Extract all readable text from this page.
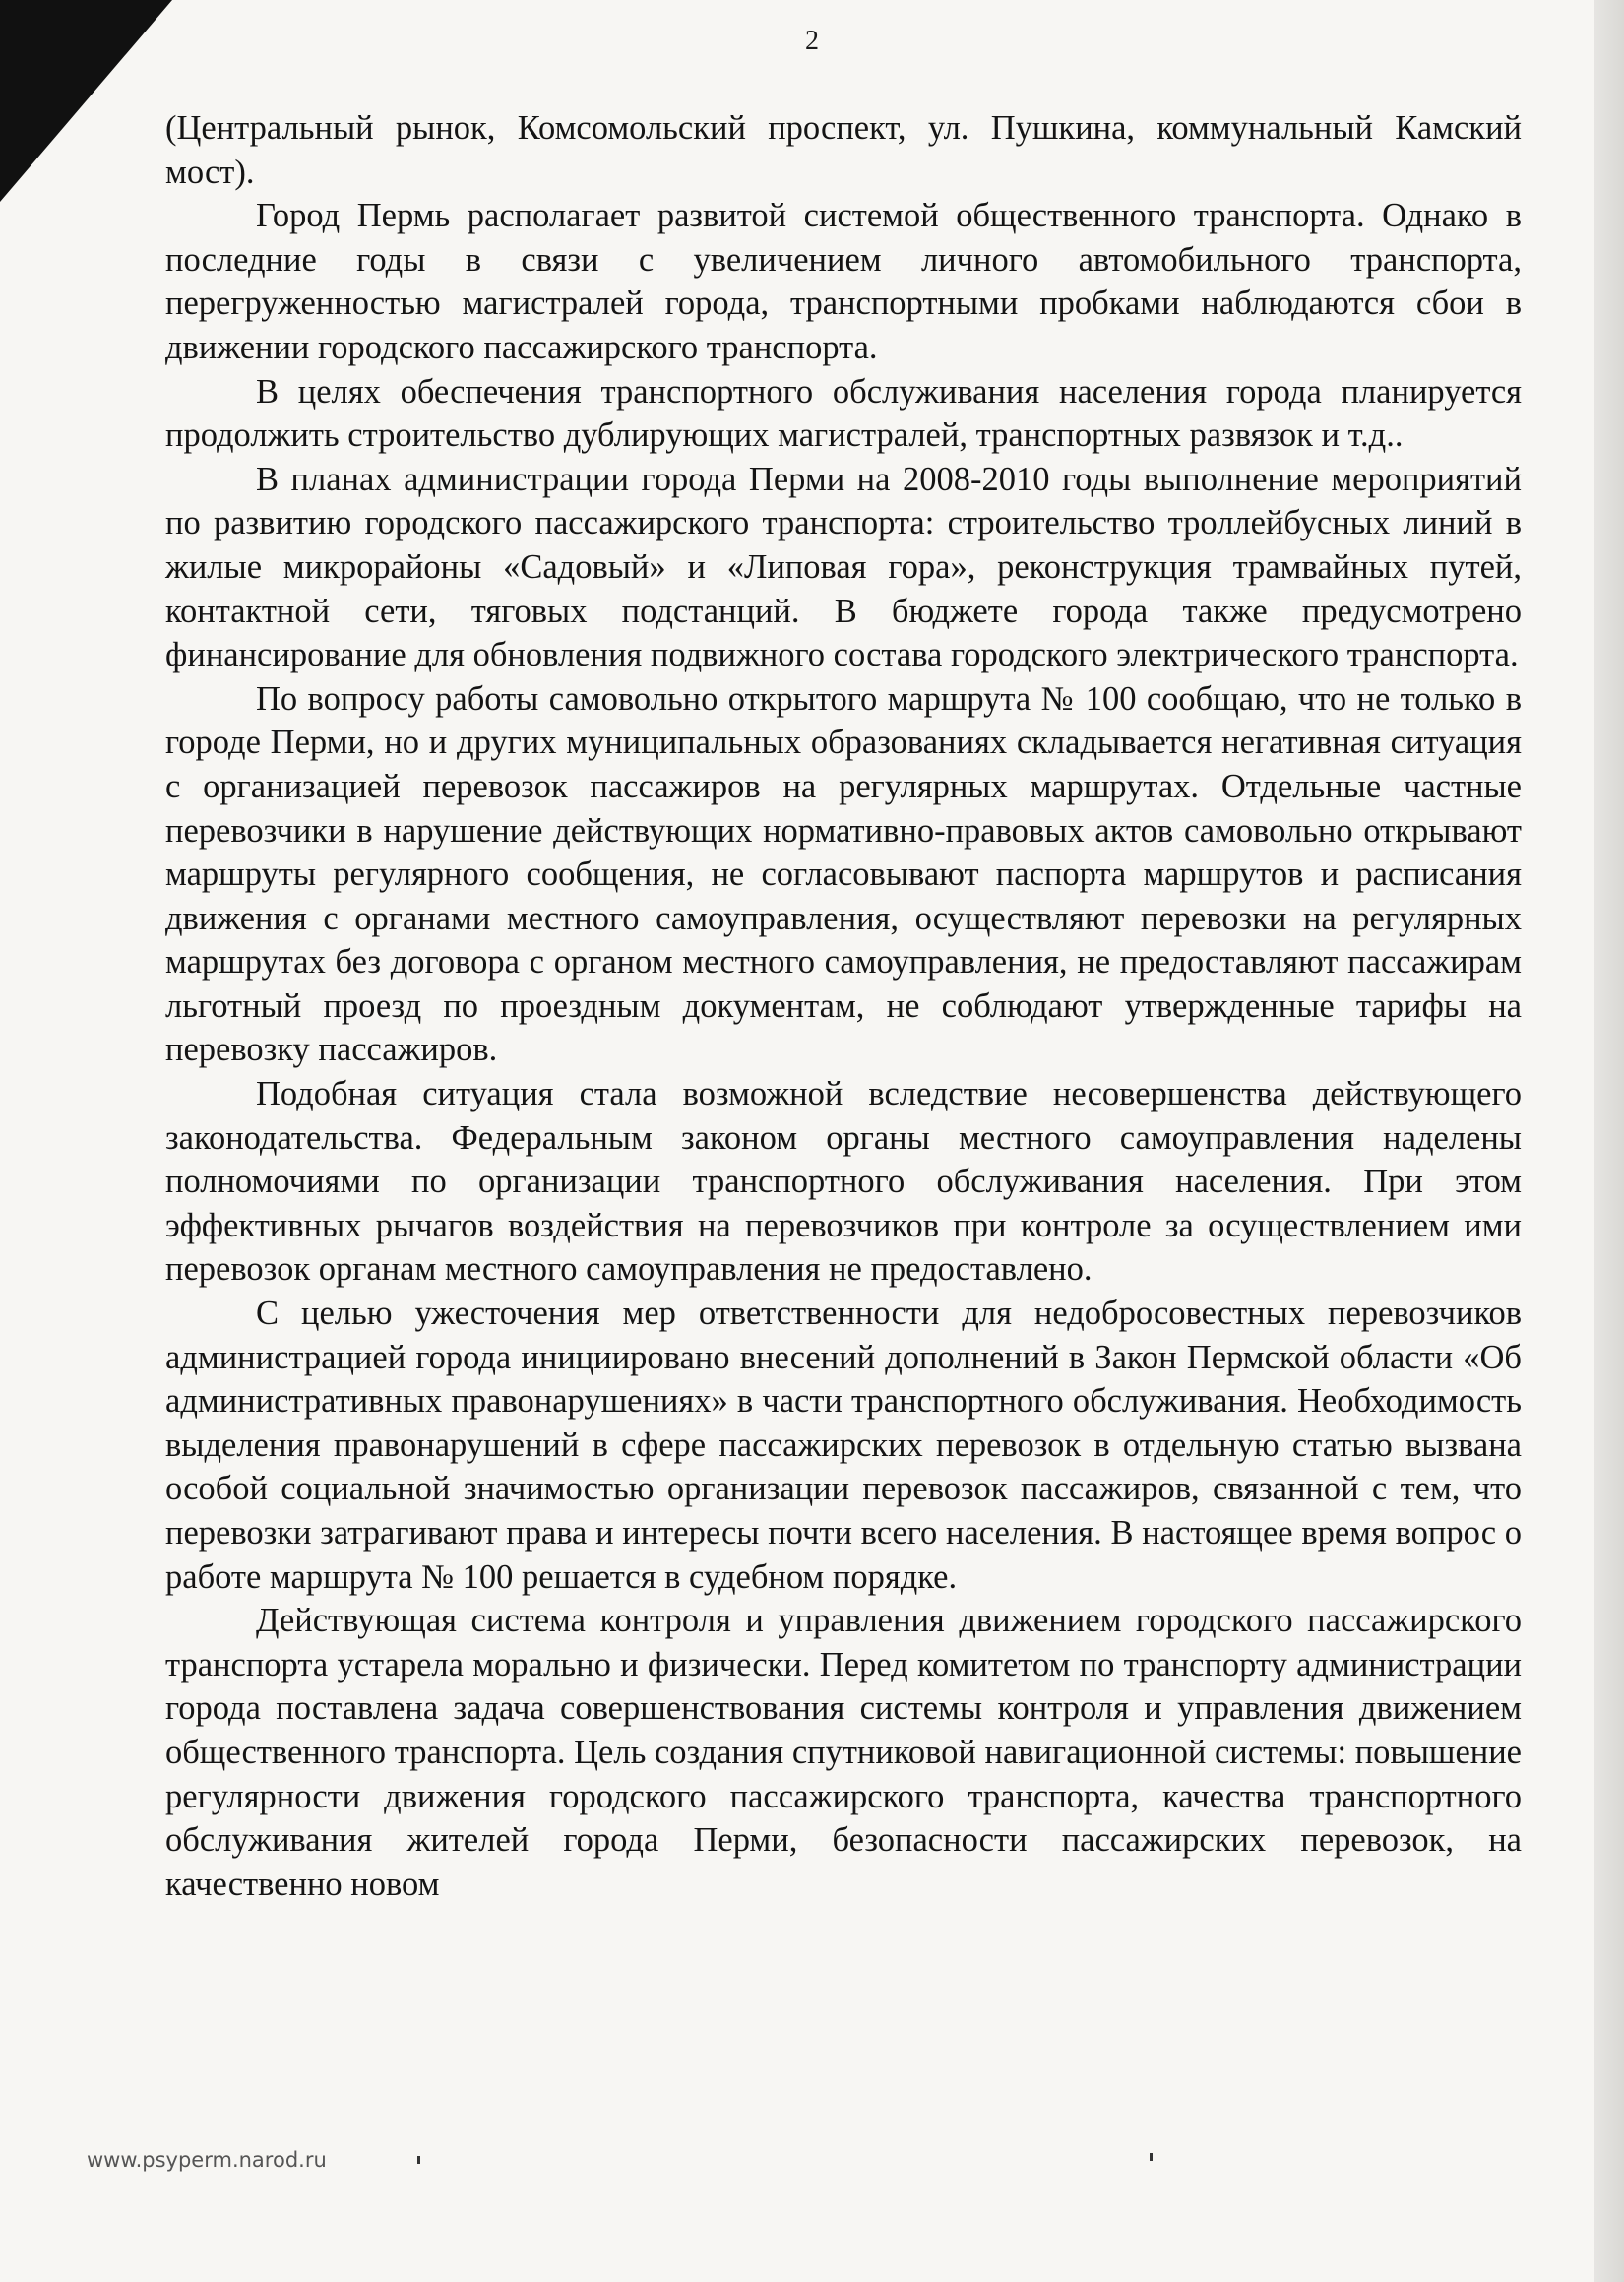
2

(Центральный рынок, Комсомольский проспект, ул. Пушкина, коммунальный Камский мост).

Город Пермь располагает развитой системой общественного транспорта. Однако в последние годы в связи с увеличением личного автомобильного транспорта, перегруженностью магистралей города, транспортными пробками наблюдаются сбои в движении городского пассажирского транспорта.

В целях обеспечения транспортного обслуживания населения города планируется продолжить строительство дублирующих магистралей, транспортных развязок и т.д..

В планах администрации города Перми на 2008-2010 годы выполнение мероприятий по развитию городского пассажирского транспорта: строительство троллейбусных линий в жилые микрорайоны «Садовый» и «Липовая гора», реконструкция трамвайных путей, контактной сети, тяговых подстанций. В бюджете города также предусмотрено финансирование для обновления подвижного состава городского электрического транспорта.

По вопросу работы самовольно открытого маршрута № 100 сообщаю, что не только в городе Перми, но и других муниципальных образованиях складывается негативная ситуация с организацией перевозок пассажиров на регулярных маршрутах. Отдельные частные перевозчики в нарушение действующих нормативно-правовых актов самовольно открывают маршруты регулярного сообщения, не согласовывают паспорта маршрутов и расписания движения с органами местного самоуправления, осуществляют перевозки на регулярных маршрутах без договора с органом местного самоуправления, не предоставляют пассажирам льготный проезд по проездным документам, не соблюдают утвержденные тарифы на перевозку пассажиров.

Подобная ситуация стала возможной вследствие несовершенства действующего законодательства. Федеральным законом органы местного самоуправления наделены полномочиями по организации транспортного обслуживания населения. При этом эффективных рычагов воздействия на перевозчиков при контроле за осуществлением ими перевозок органам местного самоуправления не предоставлено.

С целью ужесточения мер ответственности для недобросовестных перевозчиков администрацией города инициировано внесений дополнений в Закон Пермской области «Об административных правонарушениях» в части транспортного обслуживания. Необходимость выделения правонарушений в сфере пассажирских перевозок в отдельную статью вызвана особой социальной значимостью организации перевозок пассажиров, связанной с тем, что перевозки затрагивают права и интересы почти всего населения. В настоящее время вопрос о работе маршрута № 100 решается в судебном порядке.

Действующая система контроля и управления движением городского пассажирского транспорта устарела морально и физически. Перед комитетом по транспорту администрации города поставлена задача совершенствования системы контроля и управления движением общественного транспорта. Цель создания спутниковой навигационной системы: повышение регулярности движения городского пассажирского транспорта, качества транспортного обслуживания жителей города Перми, безопасности пассажирских перевозок, на качественно новом

www.psyperm.narod.ru
